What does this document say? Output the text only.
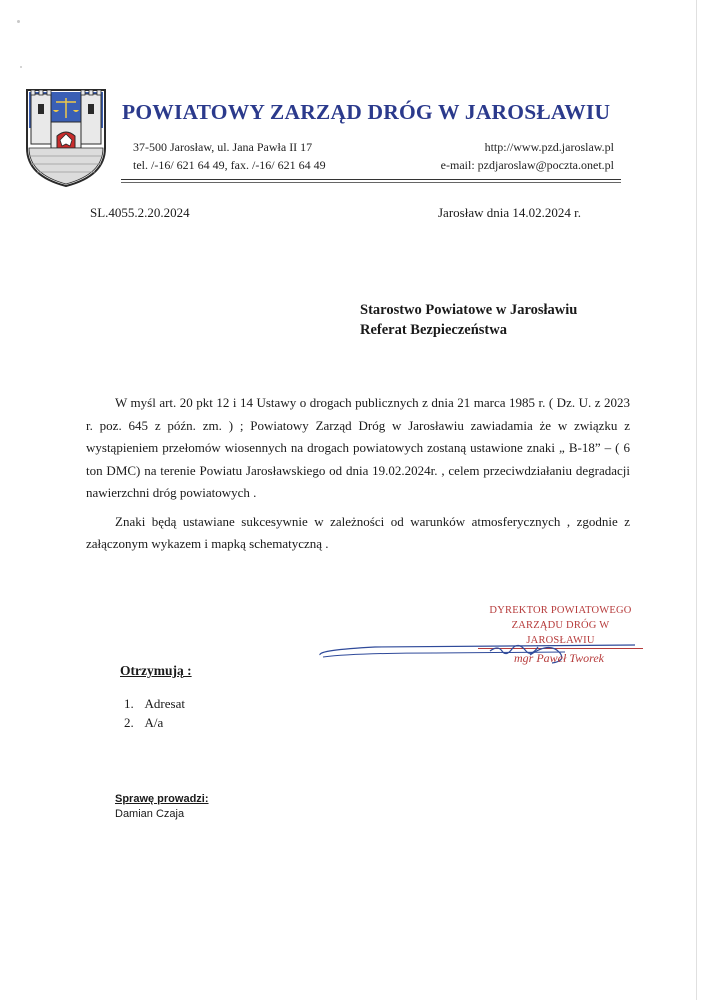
POWIATOWY ZARZĄD DRÓG W JAROSŁAWIU
37-500 Jarosław, ul. Jana Pawła II 17
tel. /-16/ 621 64 49, fax. /-16/ 621 64 49
http://www.pzd.jaroslaw.pl
e-mail: pzdjaroslaw@poczta.onet.pl
SL.4055.2.20.2024	Jarosław dnia 14.02.2024 r.
Starostwo Powiatowe w Jarosławiu
Referat Bezpieczeństwa

W myśl art. 20 pkt 12 i 14 Ustawy o drogach publicznych z dnia 21 marca 1985 r. ( Dz. U. z 2023 r. poz. 645 z późn. zm. ) ; Powiatowy Zarząd Dróg w Jarosławiu zawiadamia że w związku z wystąpieniem przełomów wiosennych na drogach powiatowych zostaną ustawione znaki „ B-18” – ( 6 ton DMC) na terenie Powiatu Jarosławskiego od dnia 19.02.2024r. , celem przeciwdziałaniu degradacji nawierzchni dróg powiatowych .

Znaki będą ustawiane sukcesywnie w zależności od warunków atmosferycznych , zgodnie z załączonym wykazem i mapką schematyczną .

DYREKTOR POWIATOWEGO
ZARZĄDU DRÓG W JAROSŁAWIU
mgr Paweł Tworek
Otrzymują :
1. Adresat
2. A/a
Sprawę prowadzi:
Damian Czaja
